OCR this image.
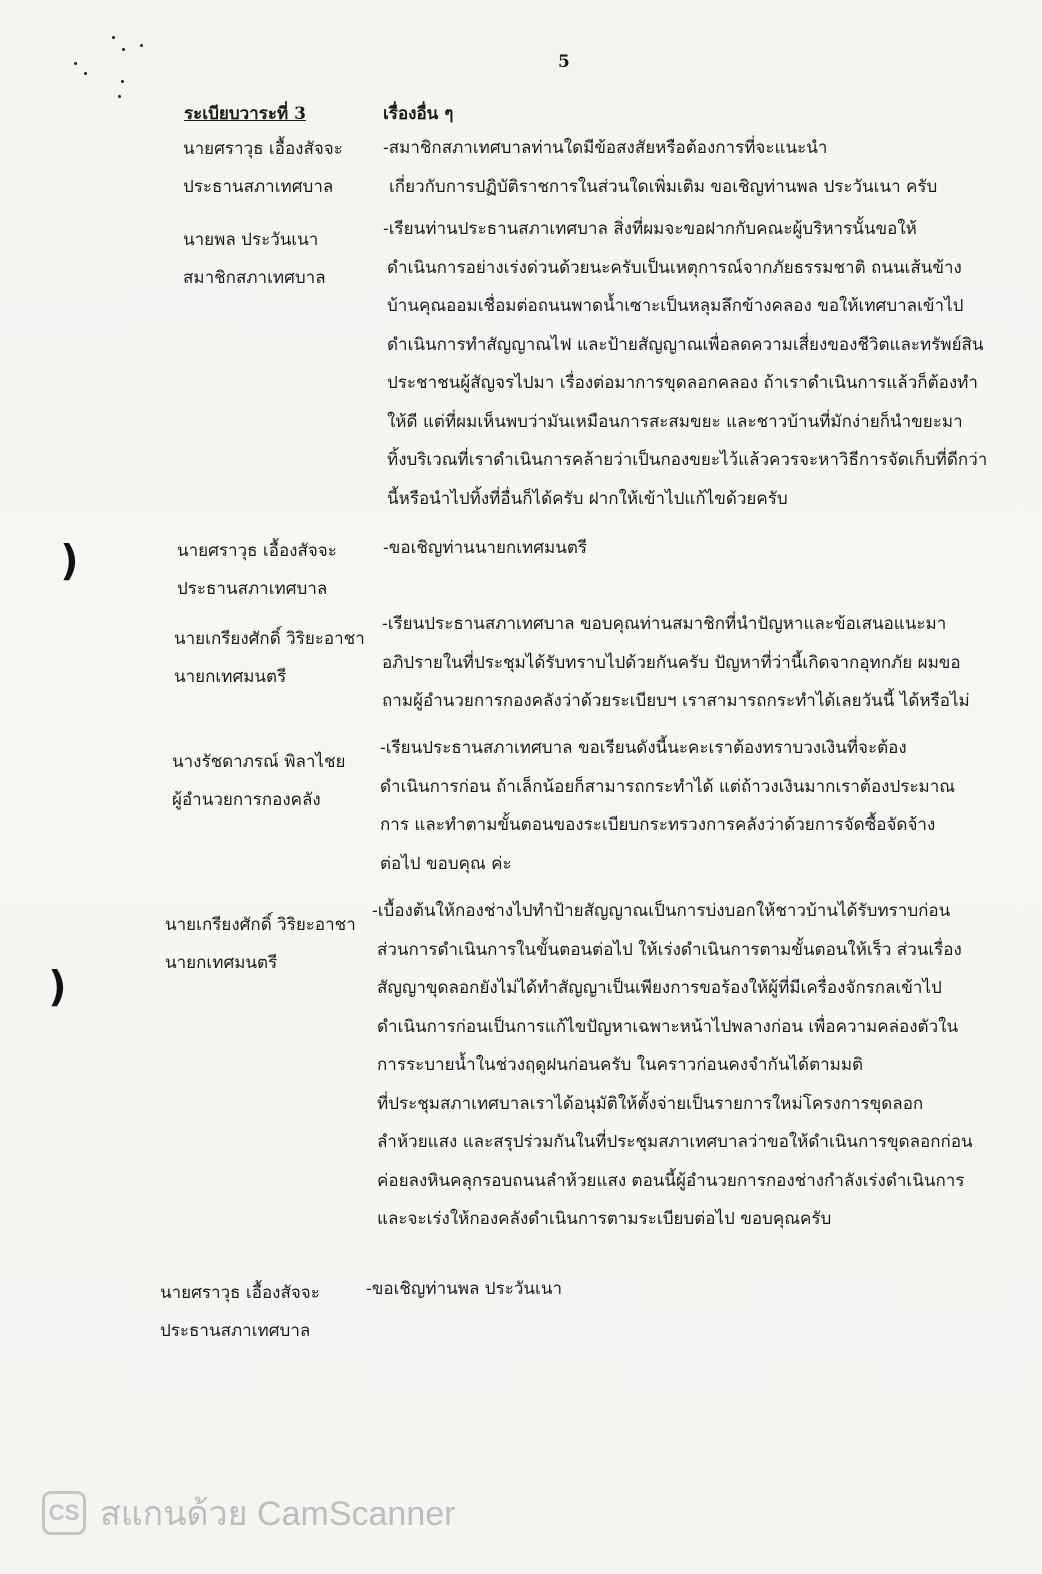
5
ระเบียบวาระที่ 3	เรื่องอื่น ๆ
นายศราวุธ เอื้องสัจจะ
ประธานสภาเทศบาล
-สมาชิกสภาเทศบาลท่านใดมีข้อสงสัยหรือต้องการที่จะแนะนำ
เกี่ยวกับการปฏิบัติราชการในส่วนใดเพิ่มเติม ขอเชิญท่านพล ประวันเนา ครับ
นายพล ประวันเนา
สมาชิกสภาเทศบาล
-เรียนท่านประธานสภาเทศบาล สิ่งที่ผมจะขอฝากกับคณะผู้บริหารนั้นขอให้
ดำเนินการอย่างเร่งด่วนด้วยนะครับเป็นเหตุการณ์จากภัยธรรมชาติ ถนนเส้นข้าง
บ้านคุณออมเชื่อมต่อถนนพาดน้ำเซาะเป็นหลุมลึกข้างคลอง ขอให้เทศบาลเข้าไป
ดำเนินการทำสัญญาณไฟ และป้ายสัญญาณเพื่อลดความเสี่ยงของชีวิตและทรัพย์สิน
ประชาชนผู้สัญจรไปมา เรื่องต่อมาการขุดลอกคลอง ถ้าเราดำเนินการแล้วก็ต้องทำ
ให้ดี แต่ที่ผมเห็นพบว่ามันเหมือนการสะสมขยะ และชาวบ้านที่มักง่ายก็นำขยะมา
ทิ้งบริเวณที่เราดำเนินการคล้ายว่าเป็นกองขยะไว้แล้วควรจะหาวิธีการจัดเก็บที่ดีกว่า
นี้หรือนำไปทิ้งที่อื่นก็ได้ครับ ฝากให้เข้าไปแก้ไขด้วยครับ
))	นายศราวุธ เอื้องสัจจะ
ประธานสภาเทศบาล
-ขอเชิญท่านนายกเทศมนตรี
นายเกรียงศักดิ์ วิริยะอาชา
นายกเทศมนตรี
-เรียนประธานสภาเทศบาล ขอบคุณท่านสมาชิกที่นำปัญหาและข้อเสนอแนะมา
อภิปรายในที่ประชุมได้รับทราบไปด้วยกันครับ ปัญหาที่ว่านี้เกิดจากอุทกภัย ผมขอ
ถามผู้อำนวยการกองคลังว่าด้วยระเบียบฯ เราสามารถกระทำได้เลยวันนี้ ได้หรือไม่
นางรัชดาภรณ์ พิลาไชย
ผู้อำนวยการกองคลัง
-เรียนประธานสภาเทศบาล ขอเรียนดังนี้นะคะเราต้องทราบวงเงินที่จะต้อง
ดำเนินการก่อน ถ้าเล็กน้อยก็สามารถกระทำได้ แต่ถ้าวงเงินมากเราต้องประมาณ
การ และทำตามขั้นตอนของระเบียบกระทรวงการคลังว่าด้วยการจัดซื้อจัดจ้าง
ต่อไป ขอบคุณ ค่ะ
))
นายเกรียงศักดิ์ วิริยะอาชา
นายกเทศมนตรี
-เบื้องต้นให้กองช่างไปทำป้ายสัญญาณเป็นการบ่งบอกให้ชาวบ้านได้รับทราบก่อน
ส่วนการดำเนินการในขั้นตอนต่อไป ให้เร่งดำเนินการตามขั้นตอนให้เร็ว ส่วนเรื่อง
สัญญาขุดลอกยังไม่ได้ทำสัญญาเป็นเพียงการขอร้องให้ผู้ที่มีเครื่องจักรกลเข้าไป
ดำเนินการก่อนเป็นการแก้ไขปัญหาเฉพาะหน้าไปพลางก่อน เพื่อความคล่องตัวใน
การระบายน้ำในช่วงฤดูฝนก่อนครับ ในคราวก่อนคงจำกันได้ตามมติ
ที่ประชุมสภาเทศบาลเราได้อนุมัติให้ตั้งจ่ายเป็นรายการใหม่โครงการขุดลอก
ลำห้วยแสง และสรุปร่วมกันในที่ประชุมสภาเทศบาลว่าขอให้ดำเนินการขุดลอกก่อน
ค่อยลงหินคลุกรอบถนนลำห้วยแสง ตอนนี้ผู้อำนวยการกองช่างกำลังเร่งดำเนินการ
และจะเร่งให้กองคลังดำเนินการตามระเบียบต่อไป ขอบคุณครับ
นายศราวุธ เอื้องสัจจะ
ประธานสภาเทศบาล
-ขอเชิญท่านพล ประวันเนา
CS สแกนด้วย CamScanner
